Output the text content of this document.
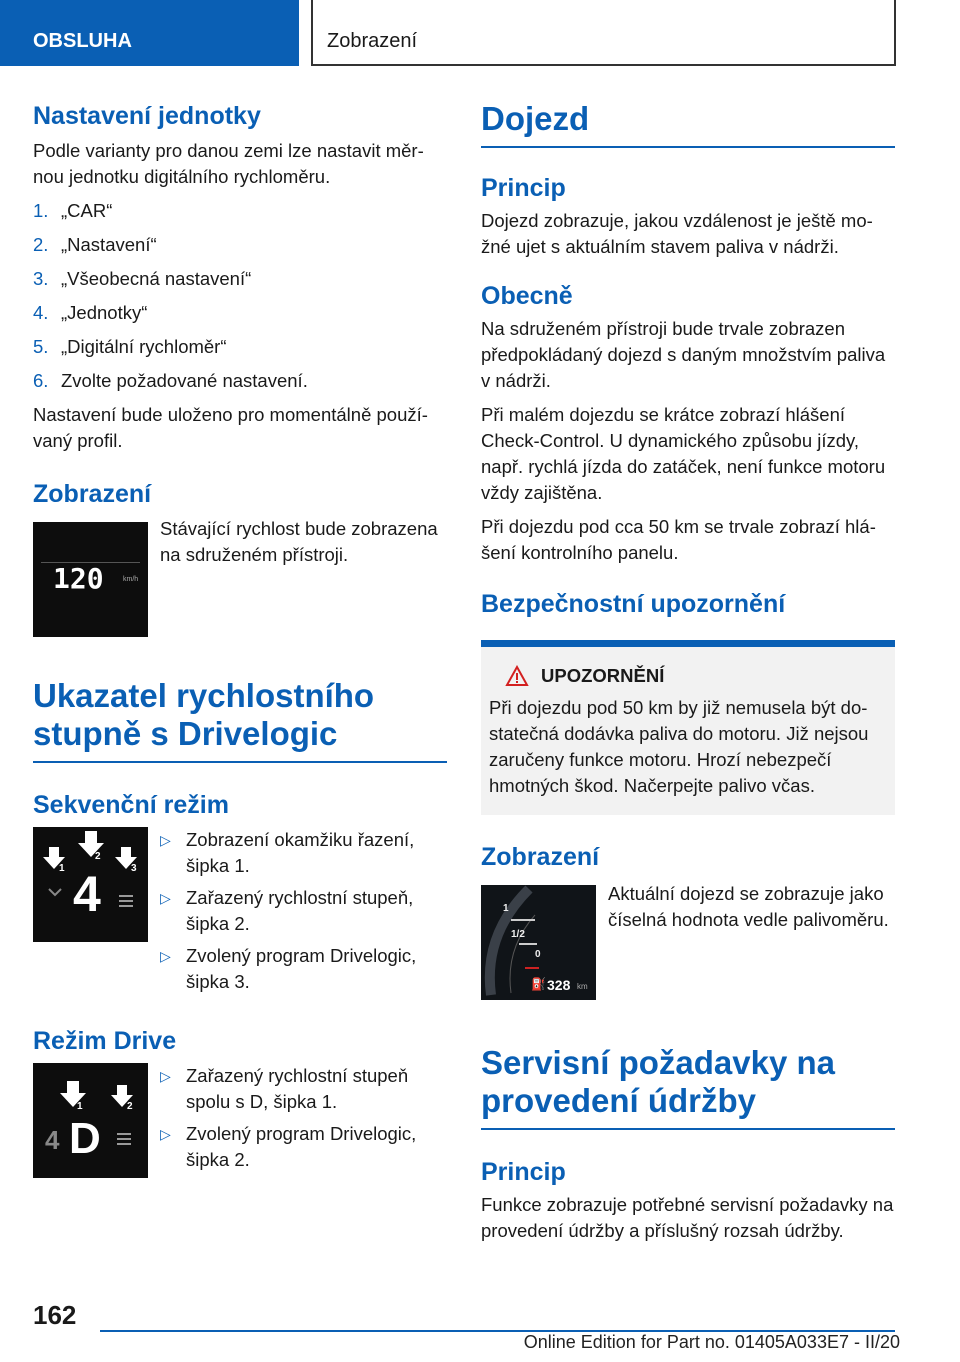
OBSLUHA	Zobrazení
Nastavení jednotky
Podle varianty pro danou zemi lze nastavit měr-nou jednotku digitálního rychloměru.
1. „CAR“
2. „Nastavení“
3. „Všeobecná nastavení“
4. „Jednotky“
5. „Digitální rychloměr“
6. Zvolte požadované nastavení.
Nastavení bude uloženo pro momentálně použí-vaný profil.
Zobrazení
120	km/h
Stávající rychlost bude zobrazena na sdruženém přístroji.
Ukazatel rychlostního stupně s Drivelogic
Sekvenční režim
1
2
3
4
▷ Zobrazení okamžiku řazení, šipka 1.
▷ Zařazený rychlostní stupeň, šipka 2.
▷ Zvolený program Drivelogic, šipka 3.
Režim Drive
1	2
4 D
▷ Zařazený rychlostní stupeň spolu s D, šipka 1.
▷ Zvolený program Drivelogic, šipka 2.
Dojezd
Princip
Dojezd zobrazuje, jakou vzdálenost je ještě mo-žné ujet s aktuálním stavem paliva v nádrži.
Obecně
Na sdruženém přístroji bude trvale zobrazen předpokládaný dojezd s daným množstvím paliva v nádrži.
Při malém dojezdu se krátce zobrazí hlášení Check-Control. U dynamického způsobu jízdy, např. rychlá jízda do zatáček, není funkce motoru vždy zajištěna.
Při dojezdu pod cca 50 km se trvale zobrazí hlá-šení kontrolního panelu.
Bezpečnostní upozornění
UPOZORNĚNÍ
Při dojezdu pod 50 km by již nemusela být do-statečná dodávka paliva do motoru. Již nejsou zaručeny funkce motoru. Hrozí nebezpečí hmotných škod. Načerpejte palivo včas.
Zobrazení
1
1/2
0
⛽ 328 km
Aktuální dojezd se zobrazuje jako číselná hodnota vedle palivoměru.
Servisní požadavky na provedení údržby
Princip
Funkce zobrazuje potřebné servisní požadavky na provedení údržby a příslušný rozsah údržby.
162
Online Edition for Part no. 01405A033E7 - II/20
